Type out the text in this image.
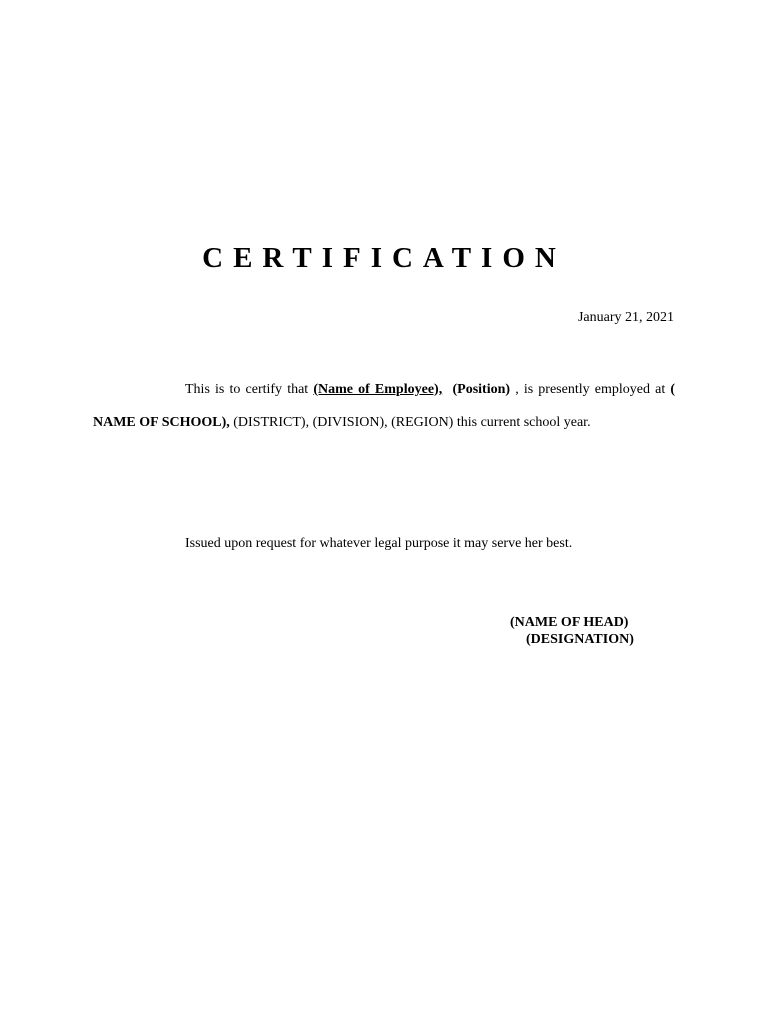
CERTIFICATION
January 21, 2021

This is to certify that (Name of Employee), (Position) , is presently employed at ( NAME OF SCHOOL), (DISTRICT), (DIVISION), (REGION) this current school year.

Issued upon request for whatever legal purpose it may serve her best.
(NAME OF HEAD)
(DESIGNATION)
